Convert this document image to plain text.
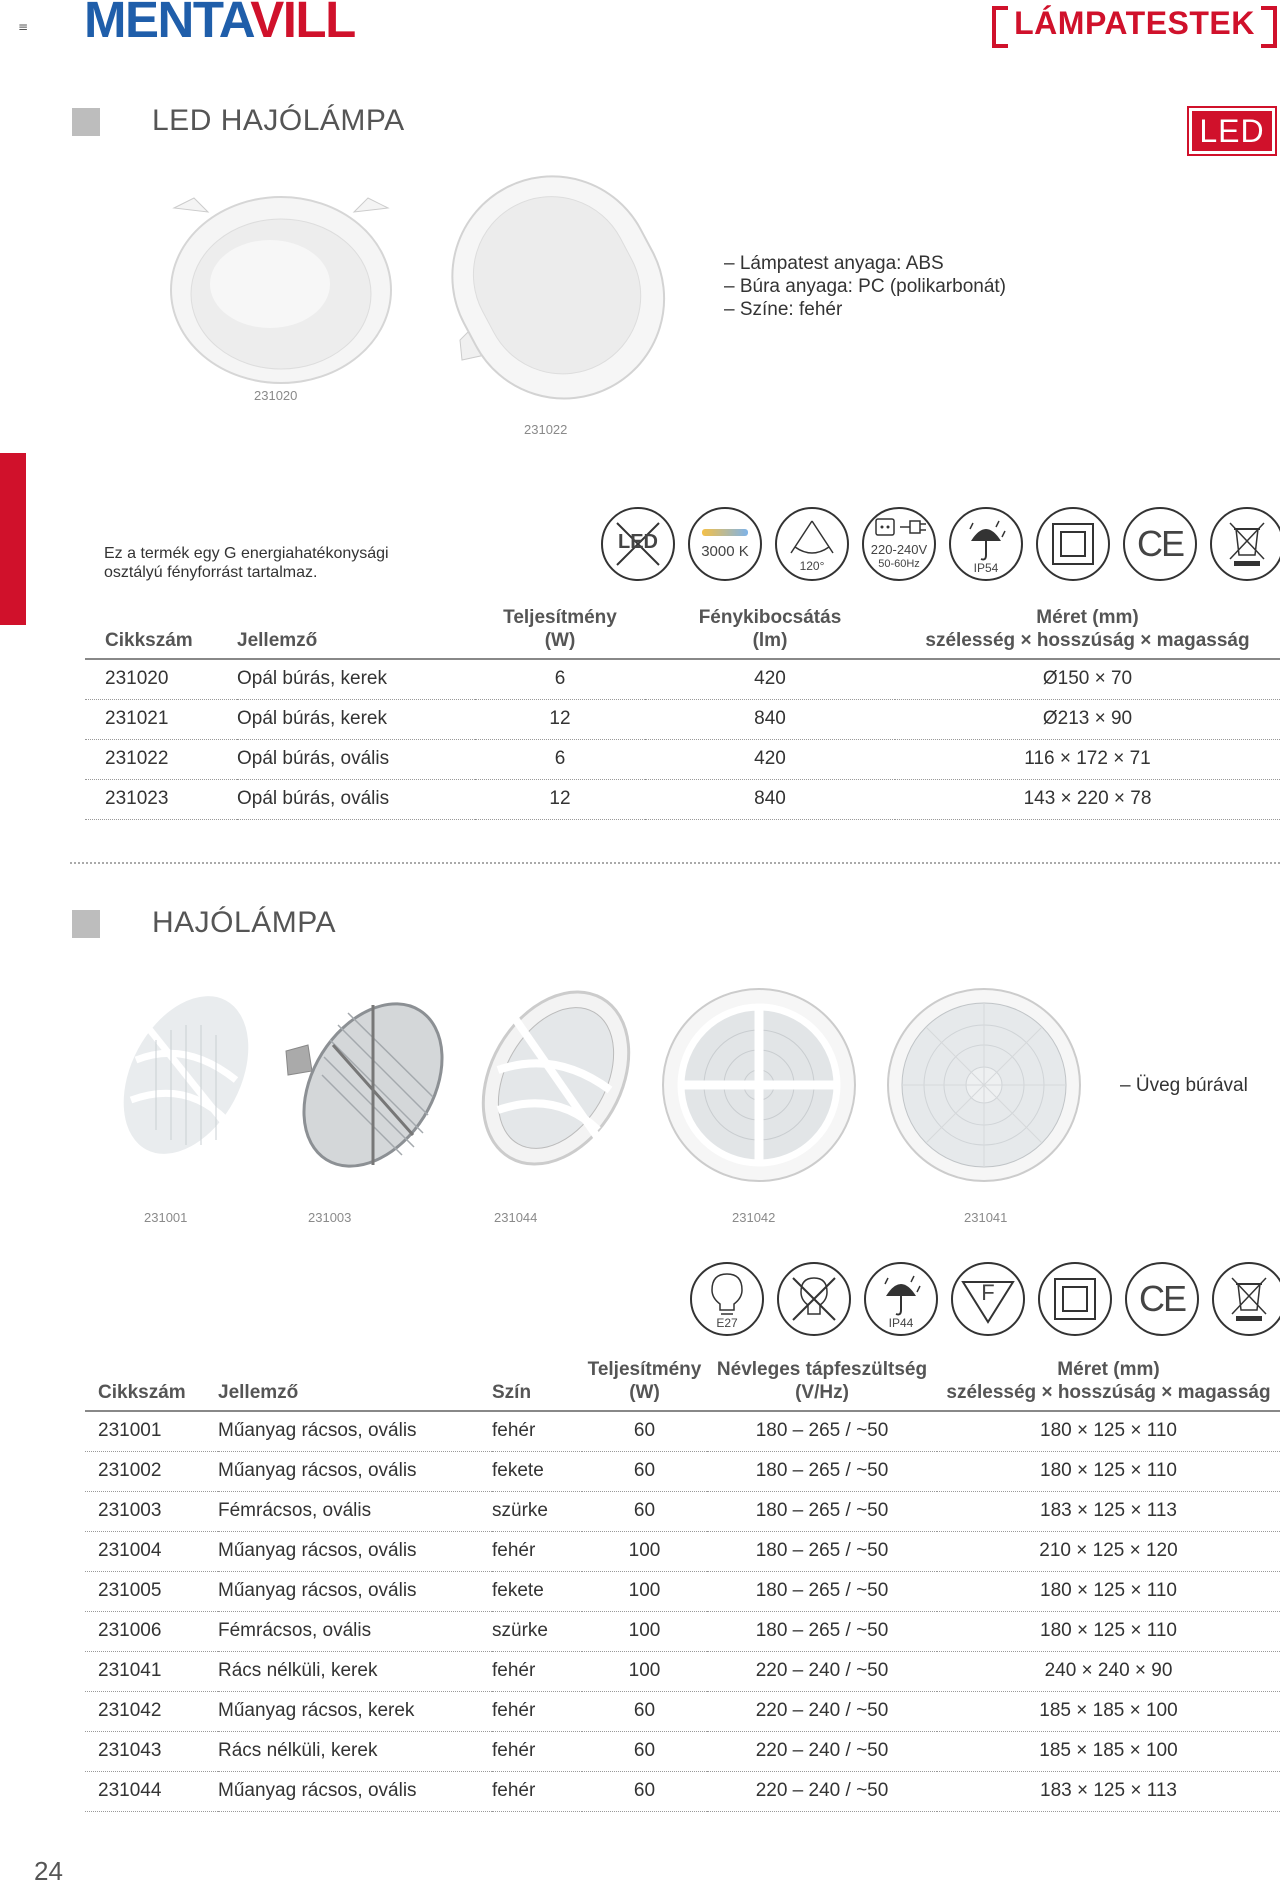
≡ MENTAVILL	LÁMPATESTEK
LED HAJÓLÁMPA	LED
231020
231022
– Lámpatest anyaga: ABS
– Búra anyaga: PC (polikarbonát)
– Színe: fehér
Ez a termék egy G energiahatékonysági
osztályú fényforrást tartalmaz.
LED	3000 K
120°
220-240V
50-60Hz	IP54
CE
Cikkszám	Jellemző	Teljesítmény
(W)	Fénykibocsátás
(lm)	Méret (mm)
szélesség × hosszúság × magasság
231020	Opál búrás, kerek	6	420	Ø150 × 70
231021	Opál búrás, kerek	12	840	Ø213 × 90
231022	Opál búrás, ovális	6	420	116 × 172 × 71
231023	Opál búrás, ovális	12	840	143 × 220 × 78
HAJÓLÁMPA
231001	231003	231044	231042	231041
– Üveg búrával
E27	IP44
F	CE
Cikkszám	Jellemző	Szín	Teljesítmény
(W)	Névleges tápfeszültség
(V/Hz)	Méret (mm)
szélesség × hosszúság × magasság
231001	Műanyag rácsos, ovális	fehér	60	180 – 265 / ~50	180 × 125 × 110
231002	Műanyag rácsos, ovális	fekete	60	180 – 265 / ~50	180 × 125 × 110
231003	Fémrácsos, ovális	szürke	60	180 – 265 / ~50	183 × 125 × 113
231004	Műanyag rácsos, ovális	fehér	100	180 – 265 / ~50	210 × 125 × 120
231005	Műanyag rácsos, ovális	fekete	100	180 – 265 / ~50	180 × 125 × 110
231006	Fémrácsos, ovális	szürke	100	180 – 265 / ~50	180 × 125 × 110
231041	Rács nélküli, kerek	fehér	100	220 – 240 / ~50	240 × 240 × 90
231042	Műanyag rácsos, kerek	fehér	60	220 – 240 / ~50	185 × 185 × 100
231043	Rács nélküli, kerek	fehér	60	220 – 240 / ~50	185 × 185 × 100
231044	Műanyag rácsos, ovális	fehér	60	220 – 240 / ~50	183 × 125 × 113
24
